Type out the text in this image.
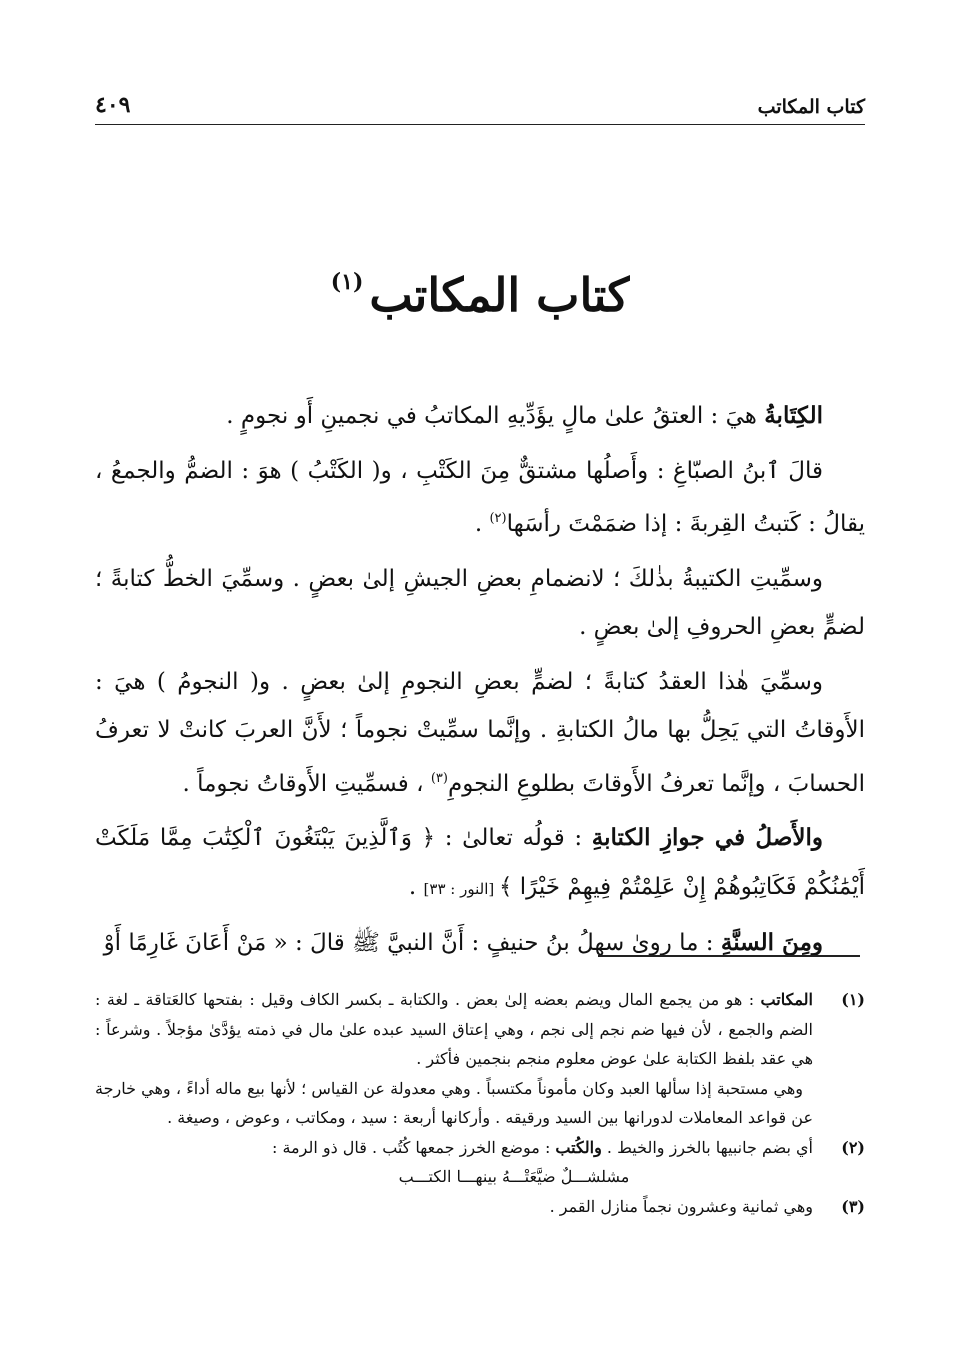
كتاب المكاتب
٤٠٩
كتاب المكاتب$^{(١)}$

الكِتَابةُ هيَ : العتقُ علىٰ مالٍ يؤَدِّيهِ المكاتبُ في نجمينِ أَو نجومٍ .

قالَ ٱبنُ الصبّاغِ : وأَصلُها مشتقٌّ مِنَ الكَتْبِ ، و( الكَتْبُ ) هوَ : الضمُّ والجمعُ ، يقالُ : كَتبتُ القِربةَ : إذا ضمَمْتَ رأسَها$^{(٢)}$ .

وسمِّيتِ الكتيبةُ بذٰلكَ ؛ لانضمامِ بعضِ الجيشِ إلىٰ بعضٍ . وسمِّيَ الخطُّ كتابةً ؛ لضمٍّ بعضِ الحروفِ إلىٰ بعضٍ .

وسمِّيَ هٰذا العقدُ كتابةً ؛ لضمٍّ بعضِ النجومِ إلىٰ بعضٍ . و( النجومُ ) هيَ : الأَوقاتُ التي يَحِلُّ بها مالُ الكتابةِ . وإنَّما سمِّيتْ نجوماً ؛ لأَنَّ العربَ كانتْ لا تعرفُ الحسابَ ، وإنَّما تعرفُ الأَوقاتَ بطلوعِ النجومِ$^{(٣)}$ ، فسمِّيتِ الأَوقاتُ نجوماً .

والأَصلُ في جوازِ الكتابةِ : قولُه تعالىٰ : ﴿ وَٱلَّذِينَ يَبْتَغُونَ ٱلْكِتَٰبَ مِمَّا مَلَكَتْ أَيْمَٰنُكُمْ فَكَاتِبُوهُمْ إِنْ عَلِمْتُمْ فِيهِمْ خَيْرًا ﴾ [النور : ٣٣] .

ومِنَ السنَّةِ : ما روىٰ سهلُ بنُ حنيفٍ : أَنَّ النبيَّ ﷺ قالَ : « مَنْ أَعَانَ غَارِمًا أَوْ

(١)

المكاتب : هو من يجمع المال ويضم بعضه إلىٰ بعض . والكتابة ـ بكسر الكاف وقيل : بفتحها كالعَتاقة ـ لغة : الضم والجمع ، لأن فيها ضم نجم إلى نجم ، وهي إعتاق السيد عبده علىٰ مال في ذمته يؤدَّىٰ مؤجلاً . وشرعاً : هي عقد بلفظ الكتابة علىٰ عوض معلوم منجم بنجمين فأكثر .

وهي مستحبة إذا سألها العبد وكان مأموناً مكتسباً . وهي معدولة عن القياس ؛ لأنها بيع ماله أداءً ، وهي خارجة عن قواعد المعاملات لدورانها بين السيد ورقيقه . وأركانها أربعة : سيد ، ومكاتب ، وعوض ، وصيغة .

(٢)

أي بضم جانبيها بالخرز والخيط . والكُتب : موضع الخرز جمعها كُتُب . قال ذو الرمة :

مشلشـــلٌ ضيَّعَتْـــهُ بينهـــا الكتـــب

(٣)

وهي ثمانية وعشرون نجماً منازل القمر .
